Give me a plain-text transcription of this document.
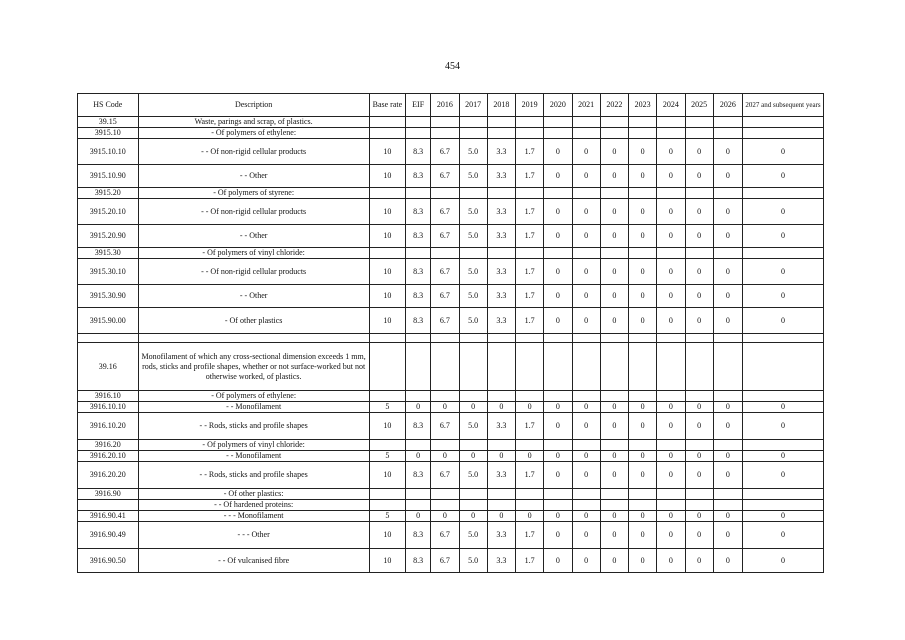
454
HS Code	Description	Base rate	EIF	2016	2017	2018	2019	2020	2021	2022	2023	2024	2025	2026	2027 and subsequent years
39.15	Waste, parings and scrap, of plastics.														
3915.10	- Of polymers of ethylene:														
3915.10.10	- - Of non-rigid cellular products	10	8.3	6.7	5.0	3.3	1.7	0	0	0	0	0	0	0	0
3915.10.90	- - Other	10	8.3	6.7	5.0	3.3	1.7	0	0	0	0	0	0	0	0
3915.20	- Of polymers of styrene:														
3915.20.10	- - Of non-rigid cellular products	10	8.3	6.7	5.0	3.3	1.7	0	0	0	0	0	0	0	0
3915.20.90	- - Other	10	8.3	6.7	5.0	3.3	1.7	0	0	0	0	0	0	0	0
3915.30	- Of polymers of vinyl chloride:														
3915.30.10	- - Of non-rigid cellular products	10	8.3	6.7	5.0	3.3	1.7	0	0	0	0	0	0	0	0
3915.30.90	- - Other	10	8.3	6.7	5.0	3.3	1.7	0	0	0	0	0	0	0	0
3915.90.00	- Of other plastics	10	8.3	6.7	5.0	3.3	1.7	0	0	0	0	0	0	0	0

39.16	Monofilament of which any cross-sectional dimension exceeds 1 mm, rods, sticks and profile shapes, whether or not surface-worked but not otherwise worked, of plastics.														
3916.10	- Of polymers of ethylene:														
3916.10.10	- - Monofilament	5	0	0	0	0	0	0	0	0	0	0	0	0	0
3916.10.20	- - Rods, sticks and profile shapes	10	8.3	6.7	5.0	3.3	1.7	0	0	0	0	0	0	0	0
3916.20	- Of polymers of vinyl chloride:														
3916.20.10	- - Monofilament	5	0	0	0	0	0	0	0	0	0	0	0	0	0
3916.20.20	- - Rods, sticks and profile shapes	10	8.3	6.7	5.0	3.3	1.7	0	0	0	0	0	0	0	0
3916.90	- Of other plastics:														
	- - Of hardened proteins:														
3916.90.41	- - - Monofilament	5	0	0	0	0	0	0	0	0	0	0	0	0	0
3916.90.49	- - - Other	10	8.3	6.7	5.0	3.3	1.7	0	0	0	0	0	0	0	0
3916.90.50	- - Of vulcanised fibre	10	8.3	6.7	5.0	3.3	1.7	0	0	0	0	0	0	0	0
